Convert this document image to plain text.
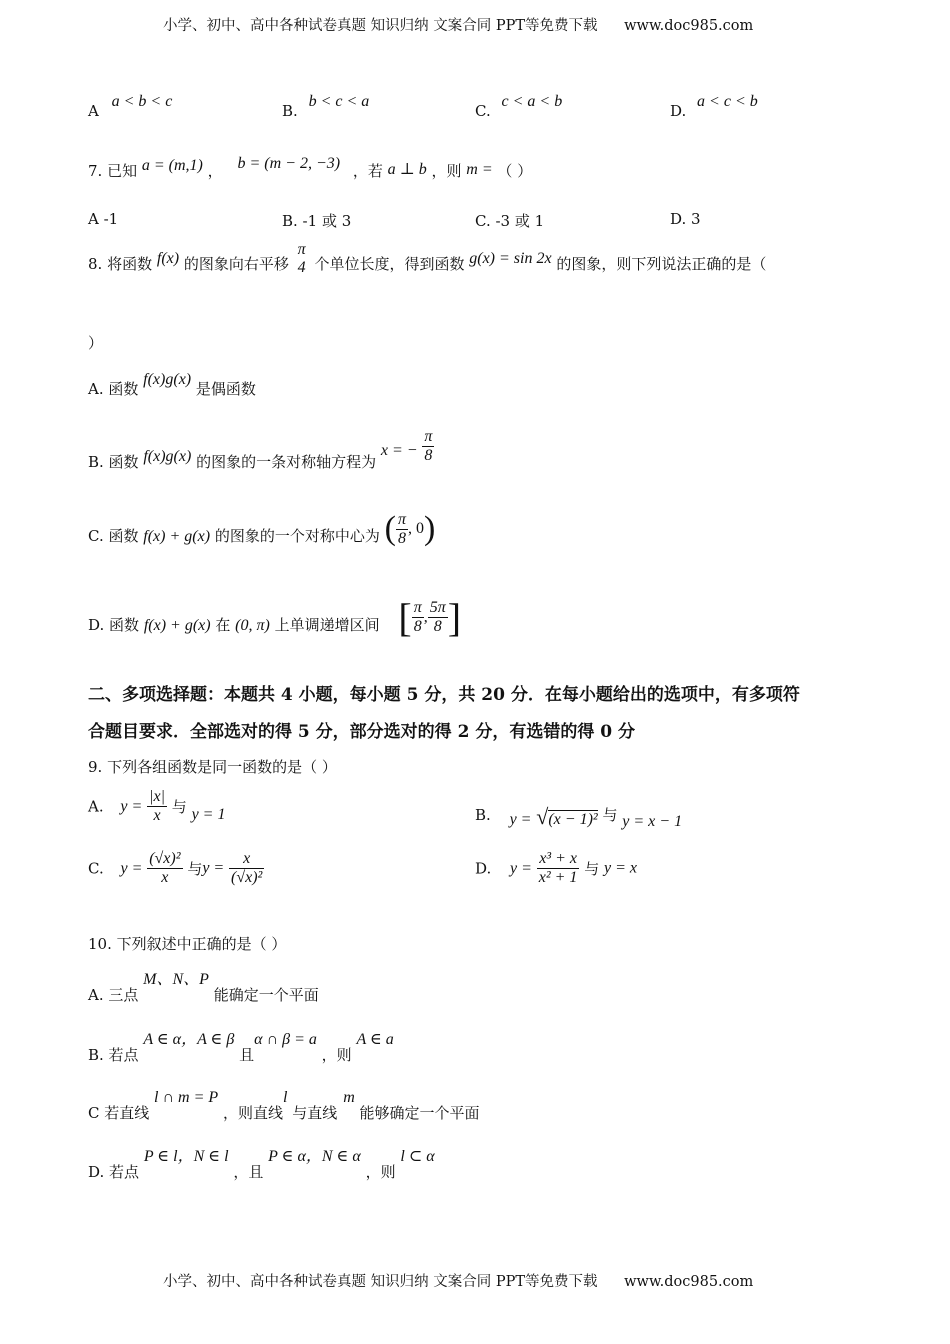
小学、初中、高中各种试卷真题 知识归纳 文案合同 PPT等免费下载 www.doc985.com
A a < b < c
B. b < c < a
C. c < a < b
D. a < c < b
7. 已知 a = (m,1) ， b = (m − 2, −3) ，若 a ⊥ b ，则 m = （ ）
A -1	B. -1 或 3	C. -3 或 1	D. 3
8. 将函数 f(x) 的图象向右平移
π
4 个单位长度，得到函数 g(x) = sin 2x 的图象，则下列说法正确的是（
）
A. 函数 f(x)g(x) 是偶函数
B. 函数 f(x)g(x) 的图象的一条对称轴方程为 x = − $\frac{\pi}{8}$
C. 函数 f(x) + g(x) 的图象的一个对称中心为 ( $\frac{\pi}{8}$ , 0)
D. 函数 f(x) + g(x) 在 (0, π) 上单调递增区间 [ $\frac{\pi}{8}$ , $\frac{5\pi}{8}$ ]
二、多项选择题：本题共 4 小题，每小题 5 分，共 20 分．在每小题给出的选项中，有多项符
合题目要求．全部选对的得 5 分，部分选对的得 2 分，有选错的得 0 分
9. 下列各组函数是同一函数的是（ ）
A. $y = \frac{|x|}{x}$ 与 y = 1	B. y = √(x − 1)² 与 y = x − 1
C. $y = \frac{\text{(√x)²}}{x}$ 与$y = \frac{x}{\text{(√x)²}}$	D. $y = \frac{\text{x³ + x}}{\text{x² + 1}}$ 与 y = x
10. 下列叙述中正确的是（ ）
A. 三点 M、N、P 能确定一个平面
B. 若点 A ∈ α，A ∈ β 且α ∩ β = a ，则 A ∈ a
C 若直线 l ∩ m = P ，则直线l 与直线m 能够确定一个平面
D. 若点 P ∈ l，N ∈ l ，且 P ∈ α，N ∈ α ，则 l ⊂ α
小学、初中、高中各种试卷真题 知识归纳 文案合同 PPT等免费下载 www.doc985.com
